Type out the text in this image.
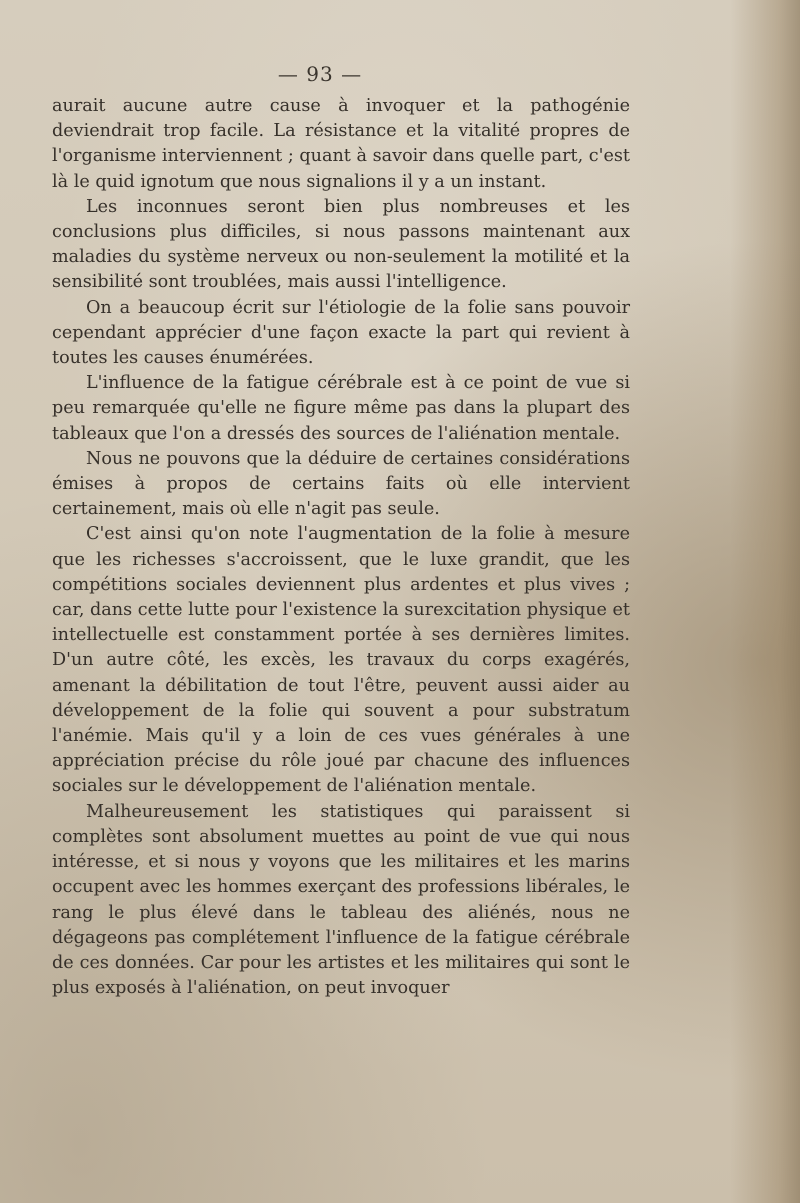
— 93 —

aurait aucune autre cause à invoquer et la pathogénie deviendrait trop facile. La résistance et la vitalité propres de l'organisme interviennent ; quant à savoir dans quelle part, c'est là le quid ignotum que nous signalions il y a un instant.

Les inconnues seront bien plus nombreuses et les conclusions plus difficiles, si nous passons maintenant aux maladies du système nerveux ou non-seulement la motilité et la sensibilité sont troublées, mais aussi l'intelligence.

On a beaucoup écrit sur l'étiologie de la folie sans pouvoir cependant apprécier d'une façon exacte la part qui revient à toutes les causes énumérées.

L'influence de la fatigue cérébrale est à ce point de vue si peu remarquée qu'elle ne figure même pas dans la plupart des tableaux que l'on a dressés des sources de l'aliénation mentale.

Nous ne pouvons que la déduire de certaines considérations émises à propos de certains faits où elle intervient certainement, mais où elle n'agit pas seule.

C'est ainsi qu'on note l'augmentation de la folie à mesure que les richesses s'accroissent, que le luxe grandit, que les compétitions sociales deviennent plus ardentes et plus vives ; car, dans cette lutte pour l'existence la surexcitation physique et intellectuelle est constamment portée à ses dernières limites. D'un autre côté, les excès, les travaux du corps exagérés, amenant la débilitation de tout l'être, peuvent aussi aider au développement de la folie qui souvent a pour substratum l'anémie. Mais qu'il y a loin de ces vues générales à une appréciation précise du rôle joué par chacune des influences sociales sur le développement de l'aliénation mentale.

Malheureusement les statistiques qui paraissent si complètes sont absolument muettes au point de vue qui nous intéresse, et si nous y voyons que les militaires et les marins occupent avec les hommes exerçant des professions libérales, le rang le plus élevé dans le tableau des aliénés, nous ne dégageons pas complétement l'influence de la fatigue cérébrale de ces données. Car pour les artistes et les militaires qui sont le plus exposés à l'aliénation, on peut invoquer
